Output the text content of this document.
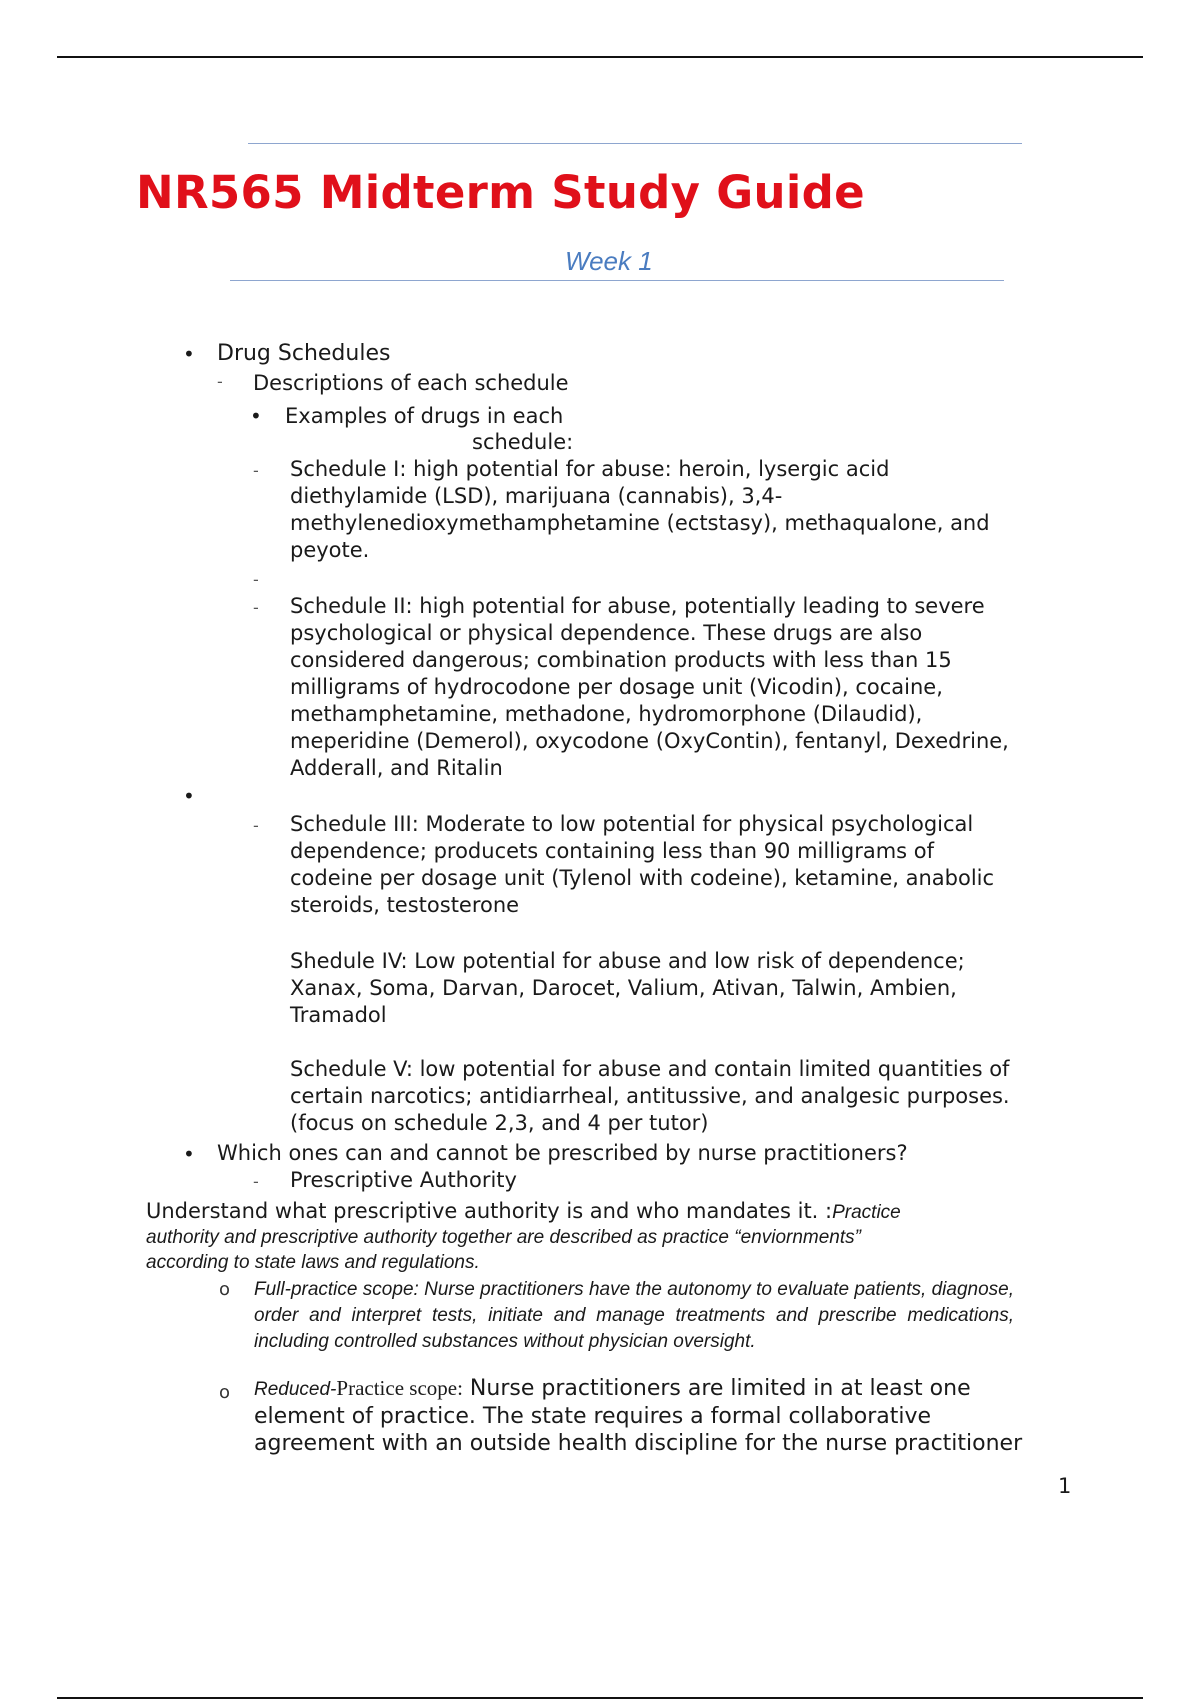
NR565 Midterm Study Guide
Week 1
• Drug Schedules
- Descriptions of each schedule
• Examples of drugs in each
schedule:
- Schedule I: high potential for abuse: heroin, lysergic acid
diethylamide (LSD), marijuana (cannabis), 3,4-
methylenedioxymethamphetamine (ectstasy), methaqualone, and
peyote.
-
- Schedule II: high potential for abuse, potentially leading to severe
psychological or physical dependence. These drugs are also
considered dangerous; combination products with less than 15
milligrams of hydrocodone per dosage unit (Vicodin), cocaine,
methamphetamine, methadone, hydromorphone (Dilaudid),
meperidine (Demerol), oxycodone (OxyContin), fentanyl, Dexedrine,
Adderall, and Ritalin
•
- Schedule III: Moderate to low potential for physical psychological
dependence; producets containing less than 90 milligrams of
codeine per dosage unit (Tylenol with codeine), ketamine, anabolic
steroids, testosterone
Shedule IV: Low potential for abuse and low risk of dependence;
Xanax, Soma, Darvan, Darocet, Valium, Ativan, Talwin, Ambien,
Tramadol
Schedule V: low potential for abuse and contain limited quantities of
certain narcotics; antidiarrheal, antitussive, and analgesic purposes.
(focus on schedule 2,3, and 4 per tutor)
• Which ones can and cannot be prescribed by nurse practitioners?
- Prescriptive Authority
Understand what prescriptive authority is and who mandates it. :Practice
authority and prescriptive authority together are described as practice “enviornments”
according to state laws and regulations.
o Full-practice scope: Nurse practitioners have the autonomy to evaluate patients, diagnose, order and interpret tests, initiate and manage treatments and prescribe medications, including controlled substances without physician oversight.
o Reduced-Practice scope: Nurse practitioners are limited in at least one
element of practice. The state requires a formal collaborative
agreement with an outside health discipline for the nurse practitioner
1
